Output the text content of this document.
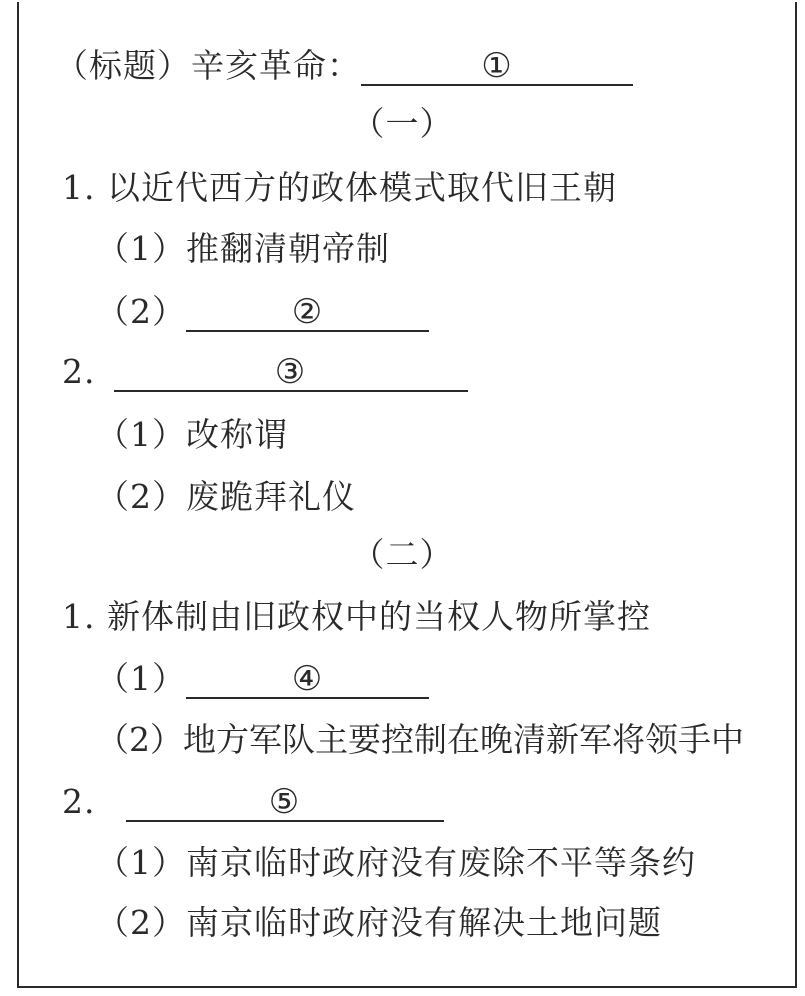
（标题）辛亥革命：	①
（一）
1. 以近代西方的政体模式取代旧王朝
（1）推翻清朝帝制
（2）	②
2.	③
（1）改称谓
（2）废跪拜礼仪
（二）
1. 新体制由旧政权中的当权人物所掌控
（1）	④
（2）地方军队主要控制在晚清新军将领手中
2.	⑤
（1）南京临时政府没有废除不平等条约
（2）南京临时政府没有解决土地问题
